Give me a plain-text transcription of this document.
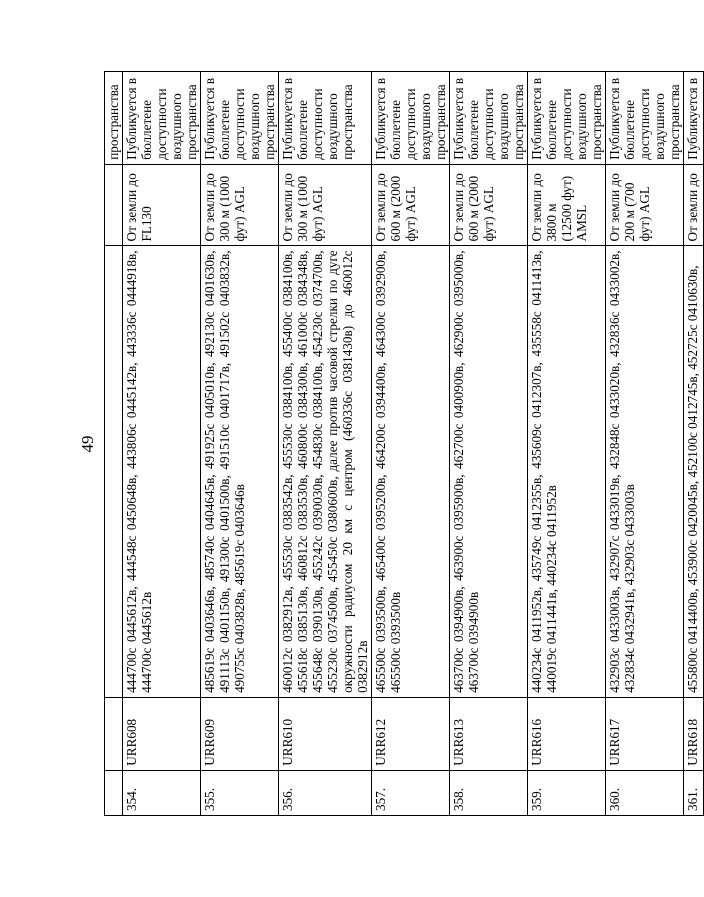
49
				пространства
354.	URR608	444700с 0445612в, 444548с 0450648в, 443806с 0445142в, 443336с 0444918в, 444700с 0445612в	От земли до FL130	Публикуется в бюллетене доступности воздушного пространства
355.	URR609	485619с 0403646в, 485740с 0404645в, 491925с 0405010в, 492130с 0401630в, 491113с 0401150в, 491300с 0401500в, 491510с 0401717в, 491502с 0403832в, 490755с 0403828в, 485619с 0403646в	От земли до 300 м (1000 фут) AGL	Публикуется в бюллетене доступности воздушного пространства
356.	URR610	460012с 0382912в, 455530с 0383542в, 455530с 0384100в, 455400с 0384100в, 455618с 0385130в, 460812с 0383530в, 460800с 0384300в, 461000с 0384348в, 455648с 0390130в, 455242с 0390030в, 454830с 0384100в, 454230с 0374700в, 455230с 0374500в, 455450с 0380600в, далее против часовой стрелки по дуге окружности радиусом 20 км с центром (460336с 0381430в) до 460012с 0382912в	От земли до 300 м (1000 фут) AGL	Публикуется в бюллетене доступности воздушного пространства
357.	URR612	465500с 0393500в, 465400с 0395200в, 464200с 0394400в, 464300с 0392900в, 465500с 0393500в	От земли до 600 м (2000 фут) AGL	Публикуется в бюллетене доступности воздушного пространства
358.	URR613	463700с 0394900в, 463900с 0395900в, 462700с 0400900в, 462900с 0395000в, 463700с 0394900в	От земли до 600 м (2000 фут) AGL	Публикуется в бюллетене доступности воздушного пространства
359.	URR616	440234с 0411952в, 435749с 0412355в, 435609с 0412307в, 435558с 0411413в, 440019с 0411441в, 440234с 0411952в	От земли до 3800 м (12500 фут) AMSL	Публикуется в бюллетене доступности воздушного пространства
360.	URR617	432903с 0433003в, 432907с 0433019в, 432848с 0433020в, 432836с 0433002в, 432834с 0432941в, 432903с 0433003в	От земли до 200 м (700 фут) AGL	Публикуется в бюллетене доступности воздушного пространства
361.	URR618	455800с 0414400в, 453900с 0420045в, 452100с 0412745в, 452725с 0410630в,	От земли до	Публикуется в
